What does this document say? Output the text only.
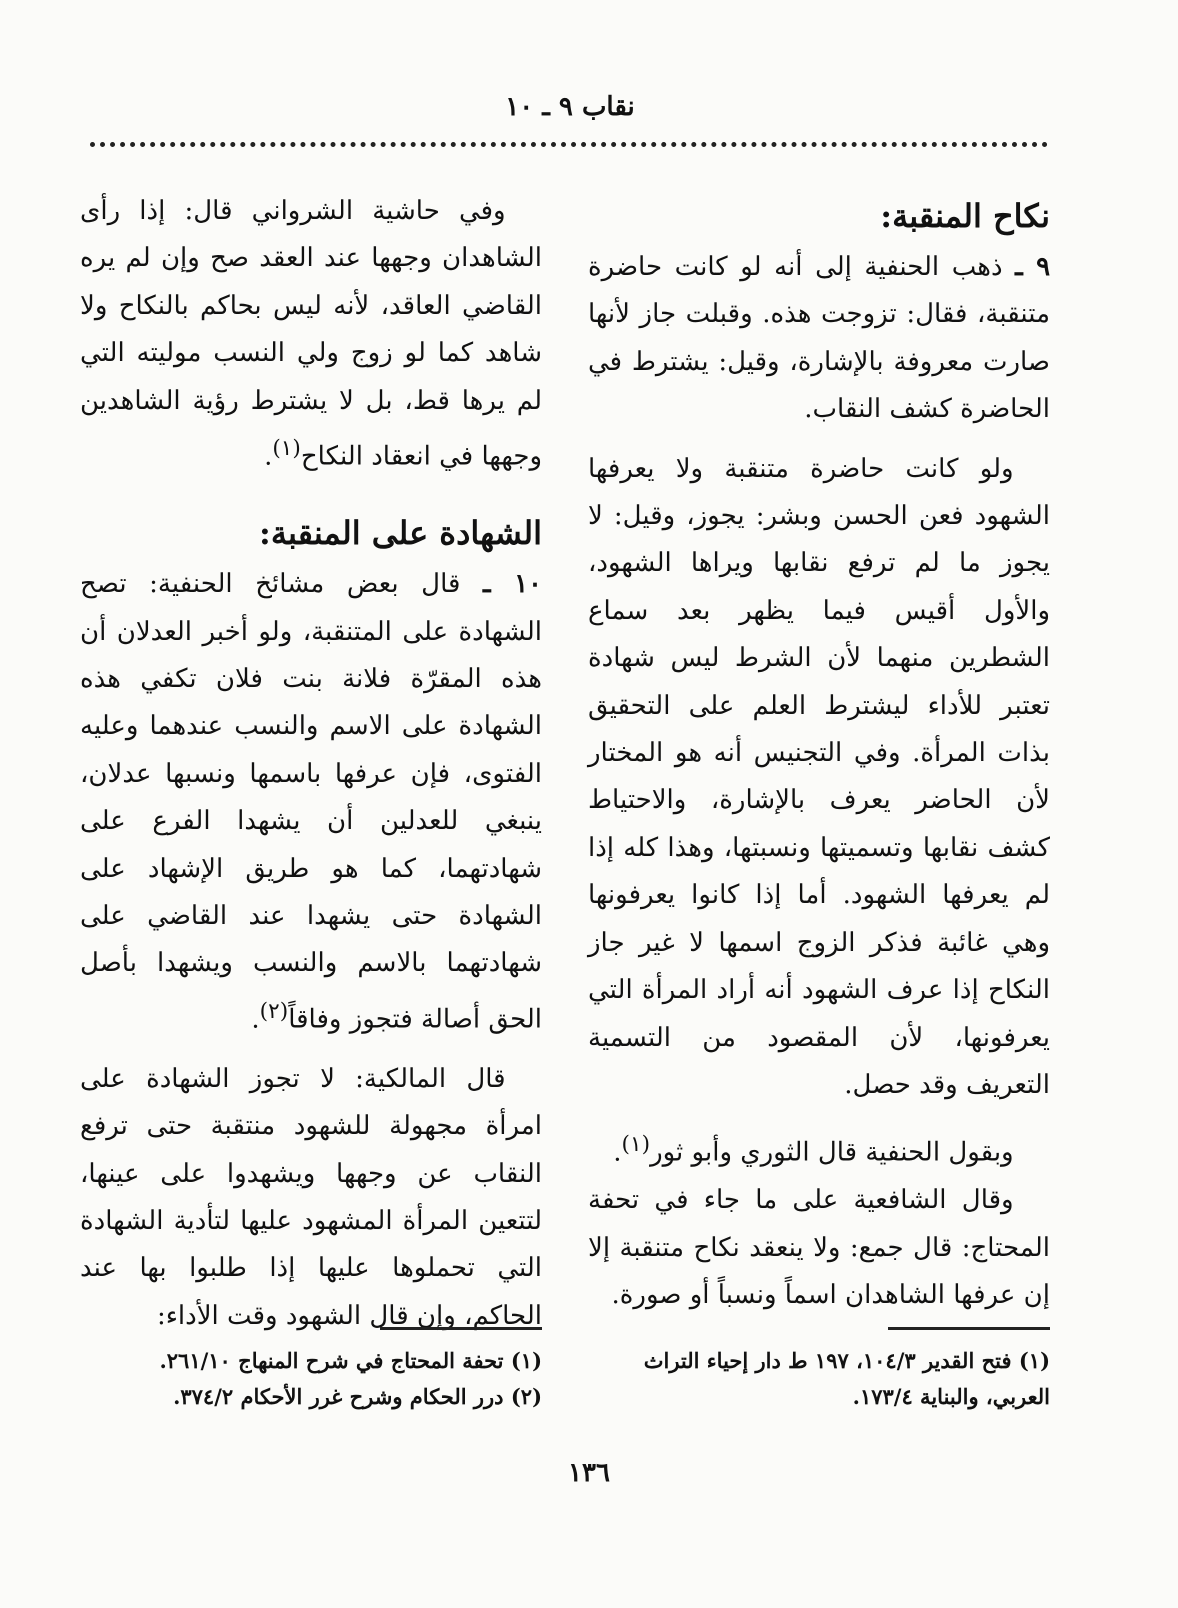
نقاب ٩ ـ ١٠
نكاح المنقبة:

٩ ـ ذهب الحنفية إلى أنه لو كانت حاضرة متنقبة، فقال: تزوجت هذه. وقبلت جاز لأنها صارت معروفة بالإشارة، وقيل: يشترط في الحاضرة كشف النقاب.

ولو كانت حاضرة متنقبة ولا يعرفها الشهود فعن الحسن وبشر: يجوز، وقيل: لا يجوز ما لم ترفع نقابها ويراها الشهود، والأول أقيس فيما يظهر بعد سماع الشطرين منهما لأن الشرط ليس شهادة تعتبر للأداء ليشترط العلم على التحقيق بذات المرأة. وفي التجنيس أنه هو المختار لأن الحاضر يعرف بالإشارة، والاحتياط كشف نقابها وتسميتها ونسبتها، وهذا كله إذا لم يعرفها الشهود. أما إذا كانوا يعرفونها وهي غائبة فذكر الزوج اسمها لا غير جاز النكاح إذا عرف الشهود أنه أراد المرأة التي يعرفونها، لأن المقصود من التسمية التعريف وقد حصل.

وبقول الحنفية قال الثوري وأبو ثور$^{(١)}$.

وقال الشافعية على ما جاء في تحفة المحتاج: قال جمع: ولا ينعقد نكاح متنقبة إلا إن عرفها الشاهدان اسماً ونسباً أو صورة.

وفي حاشية الشرواني قال: إذا رأى الشاهدان وجهها عند العقد صح وإن لم يره القاضي العاقد، لأنه ليس بحاكم بالنكاح ولا شاهد كما لو زوج ولي النسب موليته التي لم يرها قط، بل لا يشترط رؤية الشاهدين وجهها في انعقاد النكاح$^{(١)}$.

الشهادة على المنقبة:

١٠ ـ قال بعض مشائخ الحنفية: تصح الشهادة على المتنقبة، ولو أخبر العدلان أن هذه المقرّة فلانة بنت فلان تكفي هذه الشهادة على الاسم والنسب عندهما وعليه الفتوى، فإن عرفها باسمها ونسبها عدلان، ينبغي للعدلين أن يشهدا الفرع على شهادتهما، كما هو طريق الإشهاد على الشهادة حتى يشهدا عند القاضي على شهادتهما بالاسم والنسب ويشهدا بأصل الحق أصالة فتجوز وفاقاً$^{(٢)}$.

قال المالكية: لا تجوز الشهادة على امرأة مجهولة للشهود منتقبة حتى ترفع النقاب عن وجهها ويشهدوا على عينها، لتتعين المرأة المشهود عليها لتأدية الشهادة التي تحملوها عليها إذا طلبوا بها عند الحاكم، وإن قال الشهود وقت الأداء:

(١) فتح القدير ١٠٤/٣، ١٩٧ ط دار إحياء التراث العربي، والبناية ١٧٣/٤.

(١) تحفة المحتاج في شرح المنهاج ٢٦١/١٠.

(٢) درر الحكام وشرح غرر الأحكام ٣٧٤/٢.

١٣٦
